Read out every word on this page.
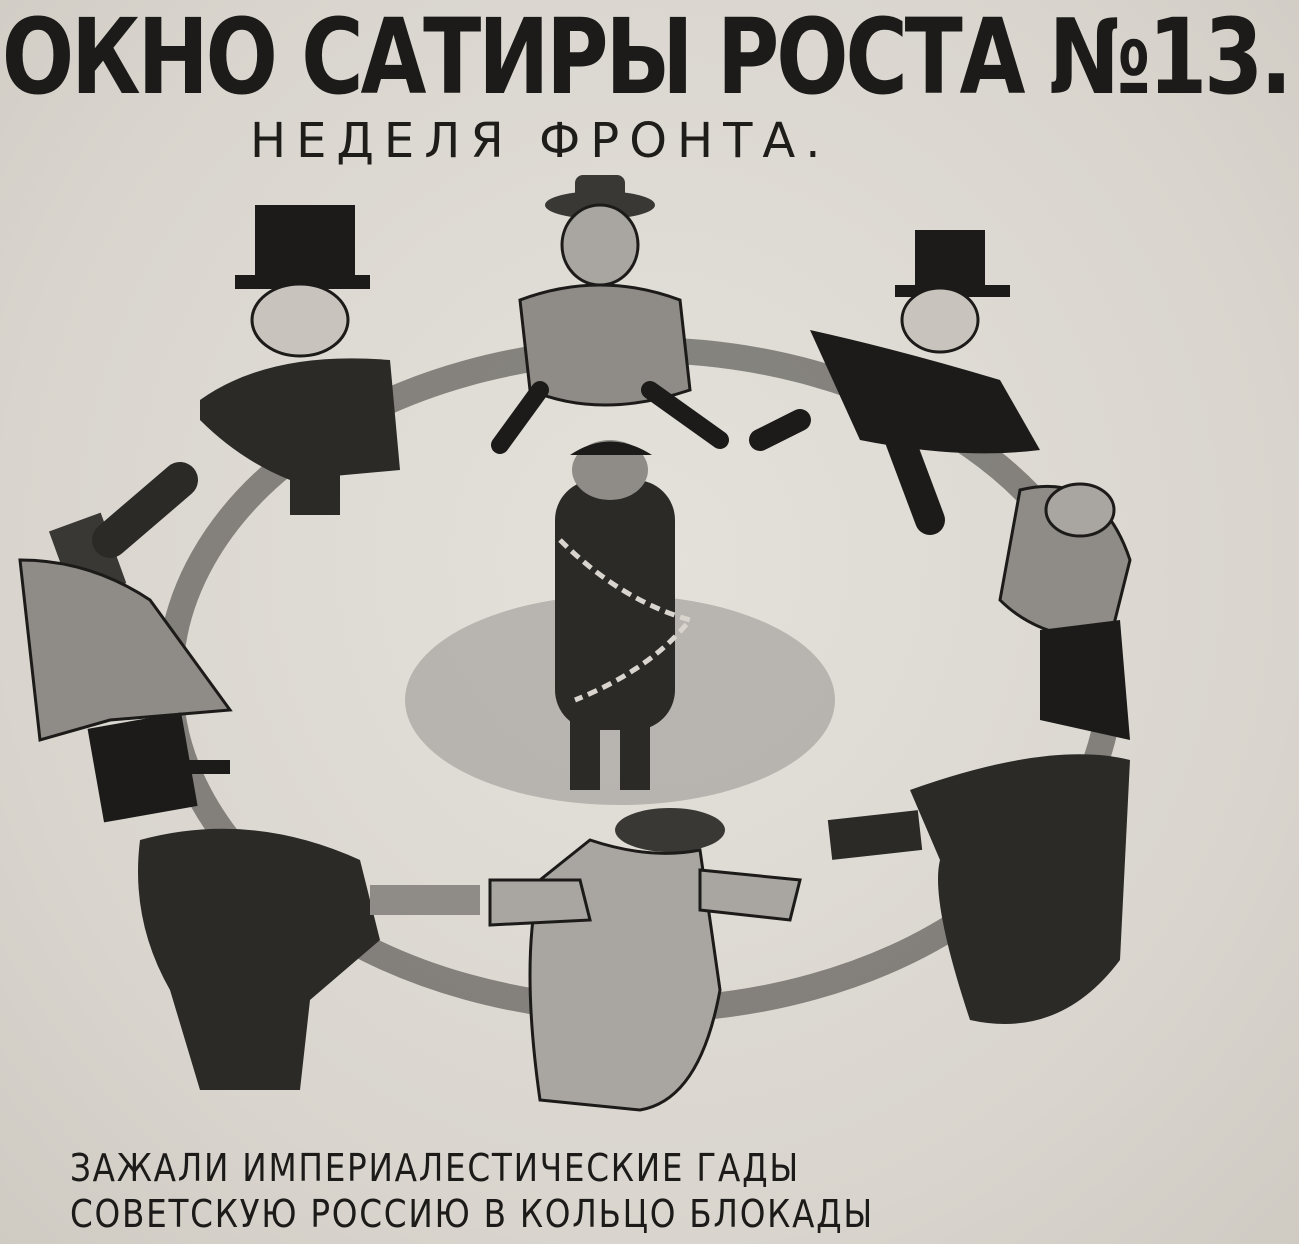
ОКНО САТИРЫ РОСТА №13.
НЕДЕЛЯ ФРОНТА.
ЗАЖАЛИ ИМПЕРИАЛЕСТИЧЕСКИЕ ГАДЫ
СОВЕТСКУЮ РОССИЮ В КОЛЬЦО БЛОКАДЫ
